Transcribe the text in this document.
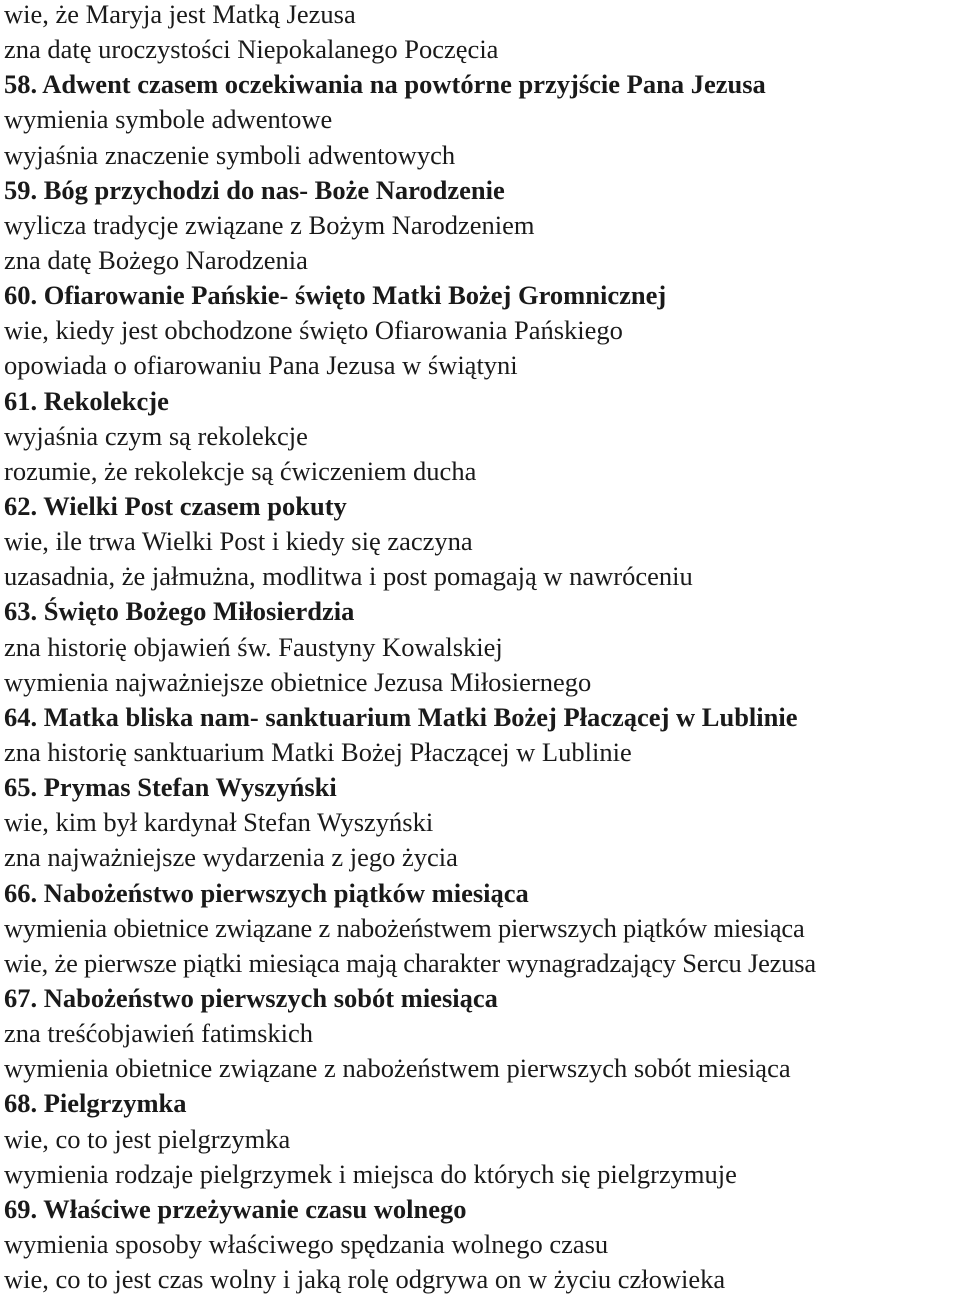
wie, że Maryja jest Matką Jezusa
zna datę uroczystości Niepokalanego Poczęcia
58. Adwent czasem oczekiwania na powtórne przyjście Pana Jezusa
wymienia symbole adwentowe
wyjaśnia znaczenie symboli adwentowych
59. Bóg przychodzi do nas- Boże Narodzenie
wylicza tradycje związane z Bożym Narodzeniem
zna datę Bożego Narodzenia
60. Ofiarowanie Pańskie- święto Matki Bożej Gromnicznej
wie, kiedy jest obchodzone święto Ofiarowania Pańskiego
opowiada o ofiarowaniu Pana Jezusa w świątyni
61. Rekolekcje
wyjaśnia czym są rekolekcje
rozumie, że rekolekcje są ćwiczeniem ducha
62. Wielki Post czasem pokuty
wie, ile trwa Wielki Post i kiedy się zaczyna
uzasadnia, że jałmużna, modlitwa i post pomagają w nawróceniu
63. Święto Bożego Miłosierdzia
zna historię objawień św. Faustyny Kowalskiej
wymienia najważniejsze obietnice Jezusa Miłosiernego
64. Matka bliska nam- sanktuarium Matki Bożej Płaczącej w Lublinie
zna historię sanktuarium Matki Bożej Płaczącej w Lublinie
65. Prymas Stefan Wyszyński
wie, kim był kardynał Stefan Wyszyński
zna najważniejsze wydarzenia z jego życia
66. Nabożeństwo pierwszych piątków miesiąca
wymienia obietnice związane z nabożeństwem pierwszych piątków miesiąca
wie, że pierwsze piątki miesiąca mają charakter wynagradzający Sercu Jezusa
67. Nabożeństwo pierwszych sobót miesiąca
zna treśćobjawień fatimskich
wymienia obietnice związane z nabożeństwem pierwszych sobót miesiąca
68. Pielgrzymka
wie, co to jest pielgrzymka
wymienia rodzaje pielgrzymek i miejsca do których się pielgrzymuje
69. Właściwe przeżywanie czasu wolnego
wymienia sposoby właściwego spędzania wolnego czasu
wie, co to jest czas wolny i jaką rolę odgrywa on w życiu człowieka
